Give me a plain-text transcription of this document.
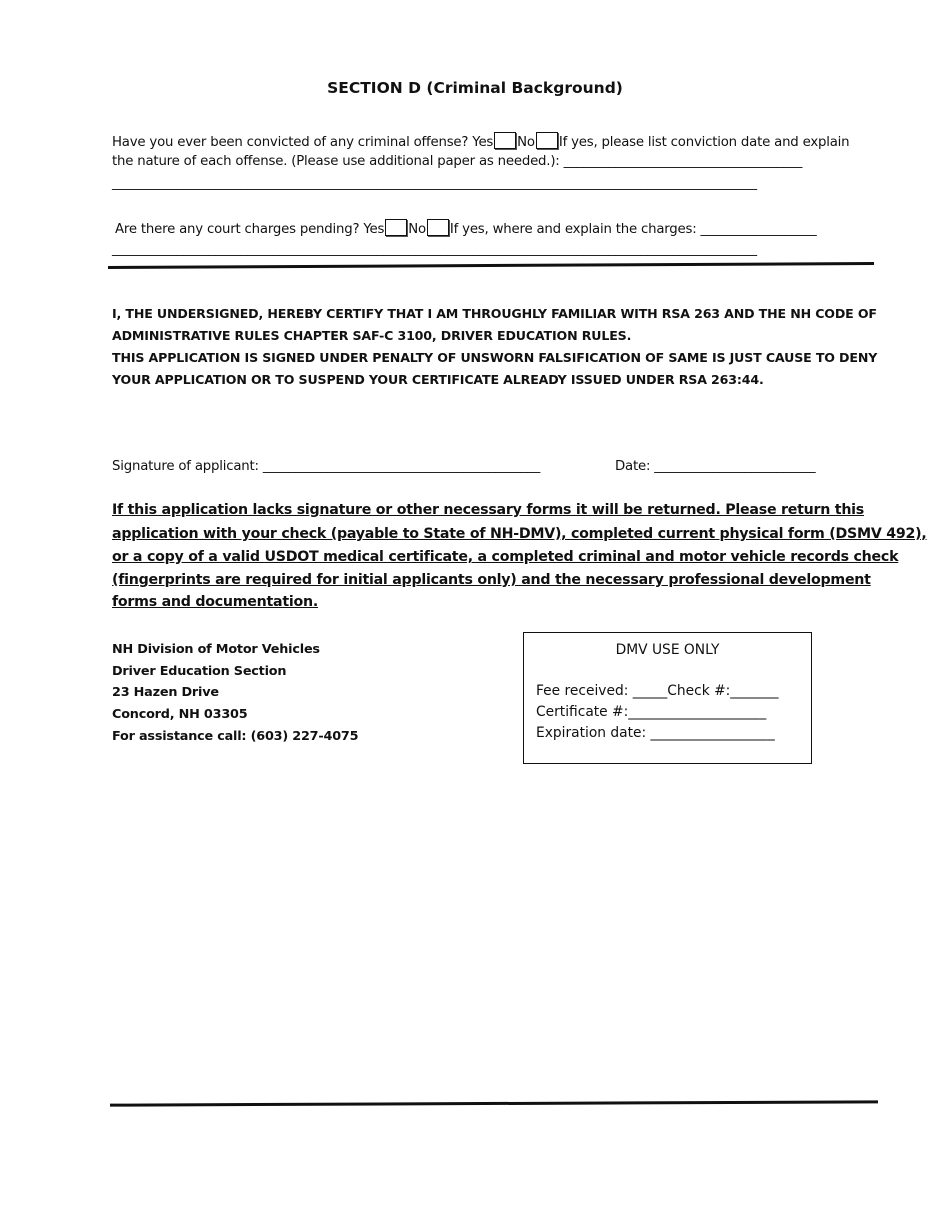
SECTION D (Criminal Background)
Have you ever been convicted of any criminal offense? Yes No If yes, please list conviction date and explain
the nature of each offense. (Please use additional paper as needed.): _____________________________________
____________________________________________________________________________________________________
Are there any court charges pending? Yes No If yes, where and explain the charges: __________________
____________________________________________________________________________________________________
I, THE UNDERSIGNED, HEREBY CERTIFY THAT I AM THROUGHLY FAMILIAR WITH RSA 263 AND THE NH CODE OF
ADMINISTRATIVE RULES CHAPTER SAF-C 3100, DRIVER EDUCATION RULES.
THIS APPLICATION IS SIGNED UNDER PENALTY OF UNSWORN FALSIFICATION OF SAME IS JUST CAUSE TO DENY
YOUR APPLICATION OR TO SUSPEND YOUR CERTIFICATE ALREADY ISSUED UNDER RSA 263:44.
Signature of applicant: ___________________________________________	Date: _________________________
If this application lacks signature or other necessary forms it will be returned. Please return this
application with your check (payable to State of NH-DMV), completed current physical form (DSMV 492),
or a copy of a valid USDOT medical certificate, a completed criminal and motor vehicle records check
(fingerprints are required for initial applicants only) and the necessary professional development
forms and documentation.
NH Division of Motor Vehicles
Driver Education Section
23 Hazen Drive
Concord, NH 03305
For assistance call: (603) 227-4075
DMV USE ONLY
Fee received: _____Check #:_______
Certificate #:____________________
Expiration date: __________________
